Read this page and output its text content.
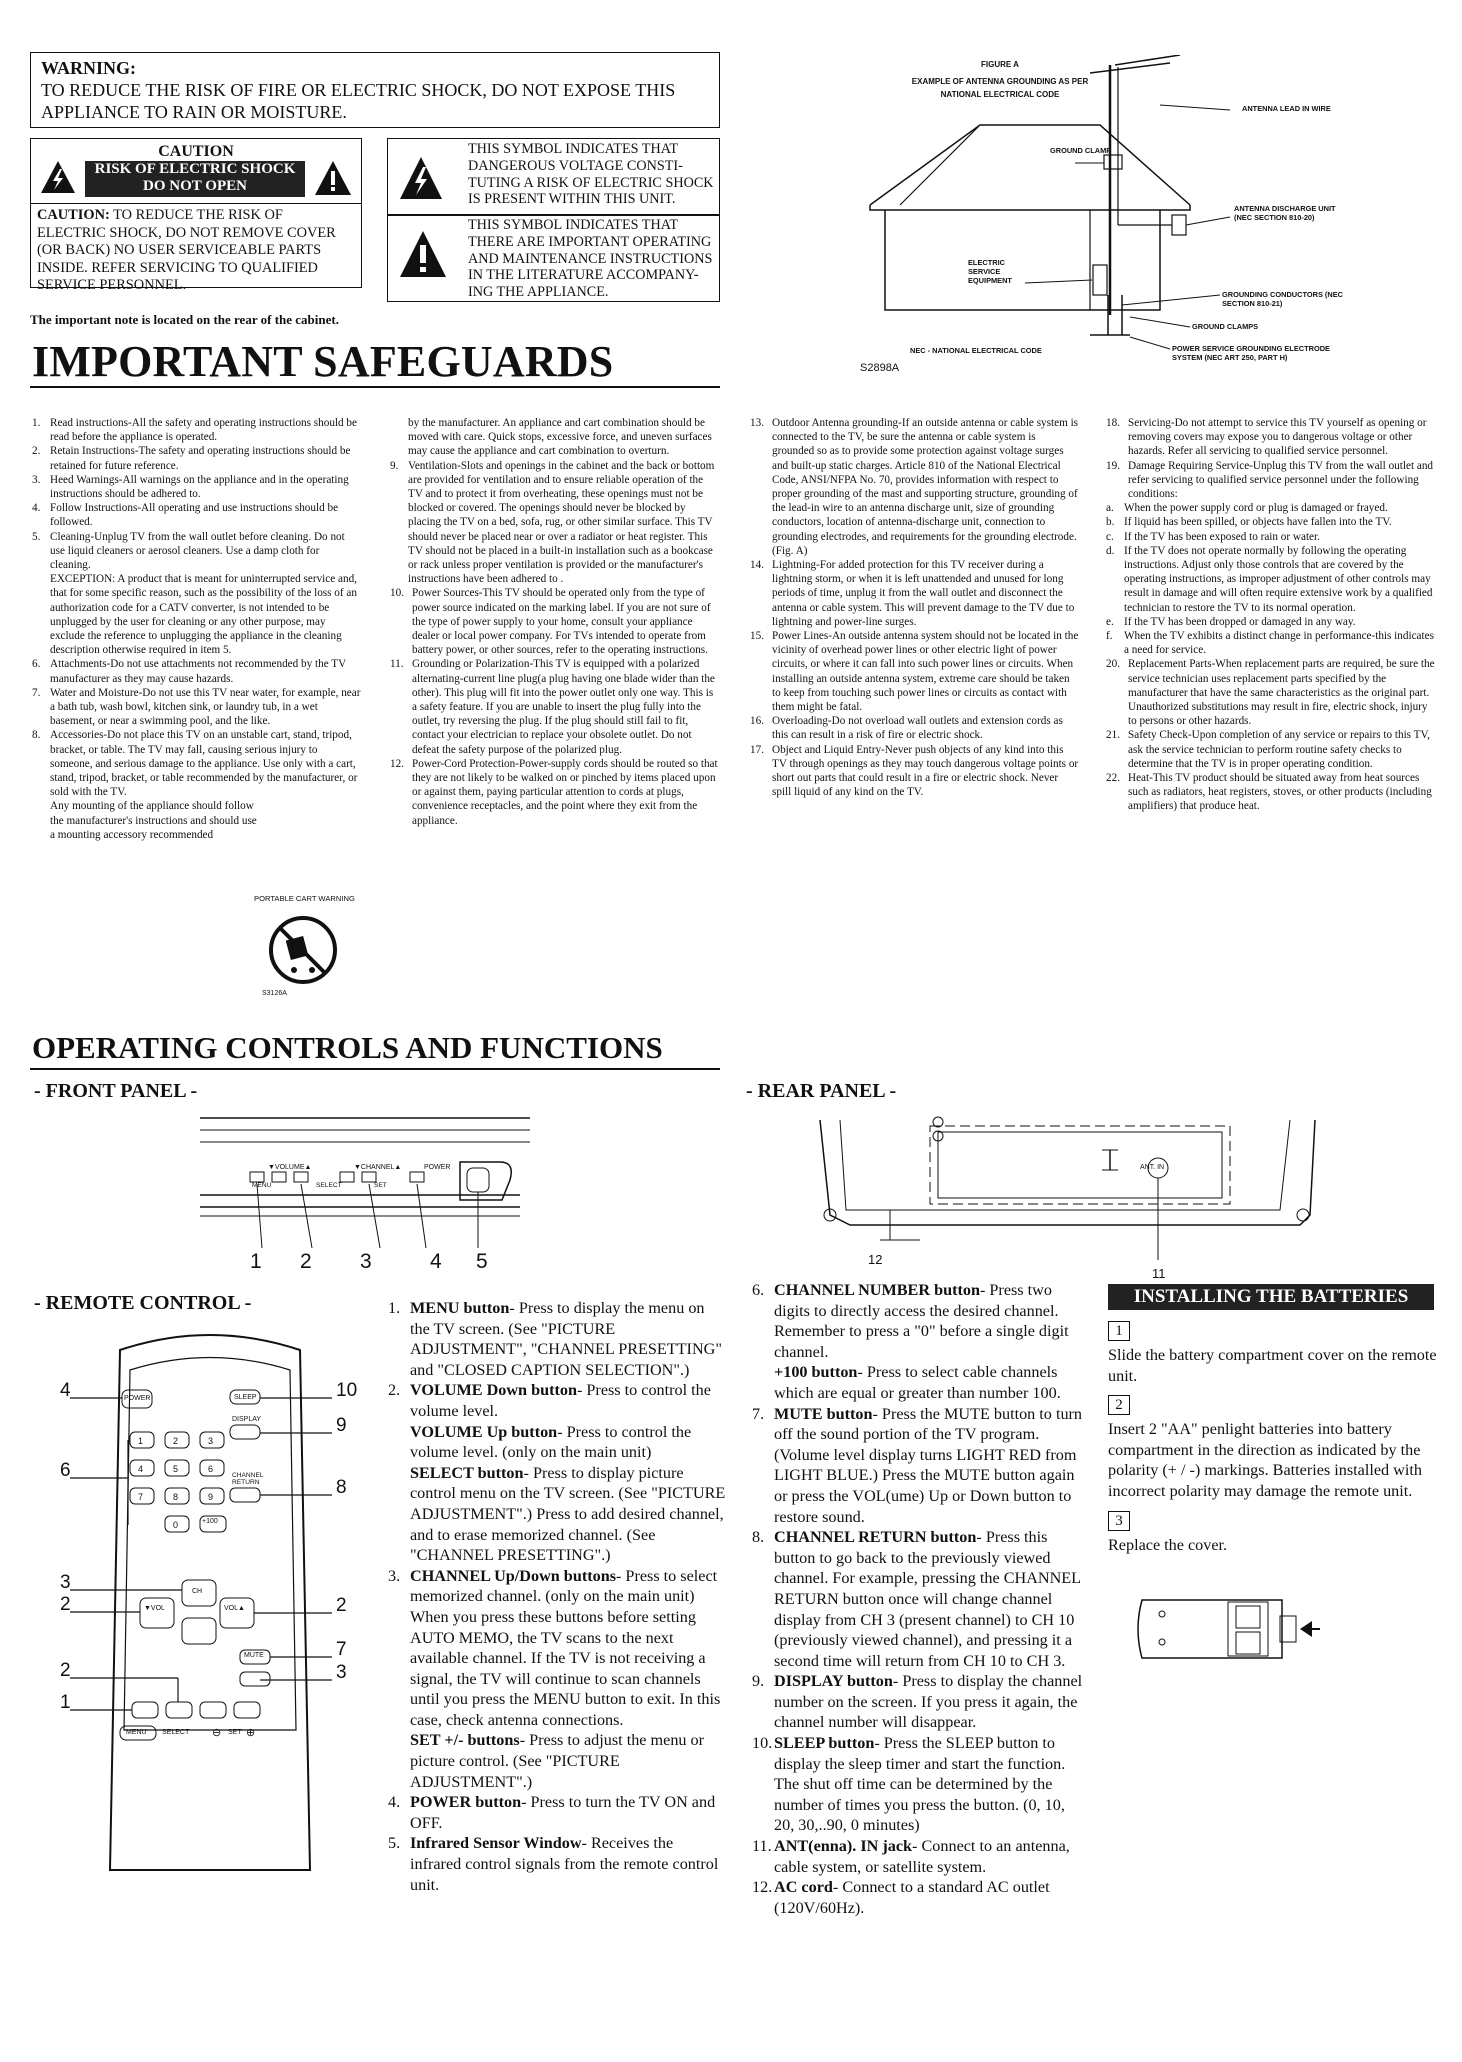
WARNING:
TO REDUCE THE RISK OF FIRE OR ELECTRIC SHOCK, DO NOT EXPOSE THIS APPLIANCE TO RAIN OR MOISTURE.
CAUTION
RISK OF ELECTRIC SHOCK
DO NOT OPEN
CAUTION: TO REDUCE THE RISK OF ELECTRIC SHOCK, DO NOT REMOVE COVER (OR BACK) NO USER SERVICEABLE PARTS INSIDE. REFER SERVICING TO QUALIFIED SERVICE PERSONNEL.
THIS SYMBOL INDICATES THAT DANGEROUS VOLTAGE CONSTI-TUTING A RISK OF ELECTRIC SHOCK IS PRESENT WITHIN THIS UNIT.
THIS SYMBOL INDICATES THAT THERE ARE IMPORTANT OPERATING AND MAINTENANCE INSTRUCTIONS IN THE LITERATURE ACCOMPANY-ING THE APPLIANCE.
The important note is located on the rear of the cabinet.
FIGURE A
EXAMPLE OF ANTENNA GROUNDING AS PER
NATIONAL ELECTRICAL CODE
ANTENNA LEAD IN WIRE
GROUND CLAMP
ANTENNA DISCHARGE UNIT (NEC SECTION 810-20)
ELECTRIC SERVICE EQUIPMENT
GROUNDING CONDUCTORS (NEC SECTION 810-21)
GROUND CLAMPS
POWER SERVICE GROUNDING ELECTRODE SYSTEM (NEC ART 250, PART H)
NEC - NATIONAL ELECTRICAL CODE
S2898A
IMPORTANT SAFEGUARDS
1. Read instructions-All the safety and operating instructions should be read before the appliance is operated.
2. Retain Instructions-The safety and operating instructions should be retained for future reference.
3. Heed Warnings-All warnings on the appliance and in the operating instructions should be adhered to.
4. Follow Instructions-All operating and use instructions should be followed.
5. Cleaning-Unplug TV from the wall outlet before cleaning. Do not use liquid cleaners or aerosol cleaners. Use a damp cloth for cleaning.
EXCEPTION: A product that is meant for uninterrupted service and, that for some specific reason, such as the possibility of the loss of an authorization code for a CATV converter, is not intended to be unplugged by the user for cleaning or any other purpose, may exclude the reference to unplugging the appliance in the cleaning description otherwise required in item 5.
6. Attachments-Do not use attachments not recommended by the TV manufacturer as they may cause hazards.
7. Water and Moisture-Do not use this TV near water, for example, near a bath tub, wash bowl, kitchen sink, or laundry tub, in a wet basement, or near a swimming pool, and the like.
8. Accessories-Do not place this TV on an unstable cart, stand, tripod, bracket, or table. The TV may fall, causing serious injury to someone, and serious damage to the appliance. Use only with a cart, stand, tripod, bracket, or table recommended by the manufacturer, or sold with the TV.
Any mounting of the appliance should follow the manufacturer's instructions and should use a mounting accessory recommended
by the manufacturer. An appliance and cart combination should be moved with care. Quick stops, excessive force, and uneven surfaces may cause the appliance and cart combination to overturn.
9. Ventilation-Slots and openings in the cabinet and the back or bottom are provided for ventilation and to ensure reliable operation of the TV and to protect it from overheating, these openings must not be blocked or covered. The openings should never be blocked by placing the TV on a bed, sofa, rug, or other similar surface. This TV should never be placed near or over a radiator or heat register. This TV should not be placed in a built-in installation such as a bookcase or rack unless proper ventilation is provided or the manufacturer's instructions have been adhered to .
10. Power Sources-This TV should be operated only from the type of power source indicated on the marking label. If you are not sure of the type of power supply to your home, consult your appliance dealer or local power company. For TVs intended to operate from battery power, or other sources, refer to the operating instructions.
11. Grounding or Polarization-This TV is equipped with a polarized alternating-current line plug(a plug having one blade wider than the other). This plug will fit into the power outlet only one way. This is a safety feature. If you are unable to insert the plug fully into the outlet, try reversing the plug. If the plug should still fail to fit, contact your electrician to replace your obsolete outlet. Do not defeat the safety purpose of the polarized plug.
12. Power-Cord Protection-Power-supply cords should be routed so that they are not likely to be walked on or pinched by items placed upon or against them, paying particular attention to cords at plugs, convenience receptacles, and the point where they exit from the appliance.
13. Outdoor Antenna grounding-If an outside antenna or cable system is connected to the TV, be sure the antenna or cable system is grounded so as to provide some protection against voltage surges and built-up static charges. Article 810 of the National Electrical Code, ANSI/NFPA No. 70, provides information with respect to proper grounding of the mast and supporting structure, grounding of the lead-in wire to an antenna discharge unit, size of grounding conductors, location of antenna-discharge unit, connection to grounding electrodes, and requirements for the grounding electrode. (Fig. A)
14. Lightning-For added protection for this TV receiver during a lightning storm, or when it is left unattended and unused for long periods of time, unplug it from the wall outlet and disconnect the antenna or cable system. This will prevent damage to the TV due to lightning and power-line surges.
15. Power Lines-An outside antenna system should not be located in the vicinity of overhead power lines or other electric light of power circuits, or where it can fall into such power lines or circuits. When installing an outside antenna system, extreme care should be taken to keep from touching such power lines or circuits as contact with them might be fatal.
16. Overloading-Do not overload wall outlets and extension cords as this can result in a risk of fire or electric shock.
17. Object and Liquid Entry-Never push objects of any kind into this TV through openings as they may touch dangerous voltage points or short out parts that could result in a fire or electric shock. Never spill liquid of any kind on the TV.
18. Servicing-Do not attempt to service this TV yourself as opening or removing covers may expose you to dangerous voltage or other hazards. Refer all servicing to qualified service personnel.
19. Damage Requiring Service-Unplug this TV from the wall outlet and refer servicing to qualified service personnel under the following conditions:
a. When the power supply cord or plug is damaged or frayed.
b. If liquid has been spilled, or objects have fallen into the TV.
c. If the TV has been exposed to rain or water.
d. If the TV does not operate normally by following the operating instructions. Adjust only those controls that are covered by the operating instructions, as improper adjustment of other controls may result in damage and will often require extensive work by a qualified technician to restore the TV to its normal operation.
e. If the TV has been dropped or damaged in any way.
f.	When the TV exhibits a distinct change in performance-this indicates a need for service.
20. Replacement Parts-When replacement parts are required, be sure the service technician uses replacement parts specified by the manufacturer that have the same characteristics as the original part. Unauthorized substitutions may result in fire, electric shock, injury to persons or other hazards.
21. Safety Check-Upon completion of any service or repairs to this TV, ask the service technician to perform routine safety checks to determine that the TV is in proper operating condition.
22. Heat-This TV product should be situated away from heat sources such as radiators, heat registers, stoves, or other products (including amplifiers) that produce heat.
PORTABLE CART WARNING
S3126A
OPERATING CONTROLS AND FUNCTIONS
- FRONT PANEL -	- REAR PANEL -
▼VOLUME▲	▼CHANNEL▲	POWER
MENU	SELECT	SET
1 2 3	4 5
ANT. IN
12
11
- REMOTE CONTROL -
POWER	SLEEP
DISPLAY
CHANNEL RETURN
MUTE
▼VOL	VOL▲
CH
MENU SELECT	SET
⊖ ⊕
+100
1	2	3
4	5	6
7	8	9
0
4
6
3
2
2
1
10
9
8
2
7
3
1. MENU button- Press to display the menu on the TV screen. (See "PICTURE ADJUSTMENT", "CHANNEL PRESETTING" and "CLOSED CAPTION SELECTION".)
2. VOLUME Down button- Press to control the volume level.
VOLUME Up button- Press to control the volume level. (only on the main unit)
SELECT button- Press to display picture control menu on the TV screen. (See "PICTURE ADJUSTMENT".) Press to add desired channel, and to erase memorized channel. (See "CHANNEL PRESETTING".)
3. CHANNEL Up/Down buttons- Press to select memorized channel. (only on the main unit)
When you press these buttons before setting AUTO MEMO, the TV scans to the next available channel. If the TV is not receiving a signal, the TV will continue to scan channels until you press the MENU button to exit. In this case, check antenna connections.
SET +/- buttons- Press to adjust the menu or picture control. (See "PICTURE ADJUSTMENT".)
4. POWER button- Press to turn the TV ON and OFF.
5. Infrared Sensor Window- Receives the infrared control signals from the remote control unit.
6. CHANNEL NUMBER button- Press two digits to directly access the desired channel. Remember to press a "0" before a single digit channel.
+100 button- Press to select cable channels which are equal or greater than number 100.
7. MUTE button- Press the MUTE button to turn off the sound portion of the TV program. (Volume level display turns LIGHT RED from LIGHT BLUE.) Press the MUTE button again or press the VOL(ume) Up or Down button to restore sound.
8. CHANNEL RETURN button- Press this button to go back to the previously viewed channel. For example, pressing the CHANNEL RETURN button once will change channel display from CH 3 (present channel) to CH 10 (previously viewed channel), and pressing it a second time will return from CH 10 to CH 3.
9. DISPLAY button- Press to display the channel number on the screen. If you press it again, the channel number will disappear.
10. SLEEP button- Press the SLEEP button to display the sleep timer and start the function. The shut off time can be determined by the number of times you press the button. (0, 10, 20, 30,..90, 0 minutes)
11. ANT(enna). IN jack- Connect to an antenna, cable system, or satellite system.
12. AC cord- Connect to a standard AC outlet (120V/60Hz).
INSTALLING THE BATTERIES
1
Slide the battery compartment cover on the remote unit.
2
Insert 2 "AA" penlight batteries into battery compartment in the direction as indicated by the polarity (+ / -) markings. Batteries installed with incorrect polarity may damage the remote unit.
3
Replace the cover.
